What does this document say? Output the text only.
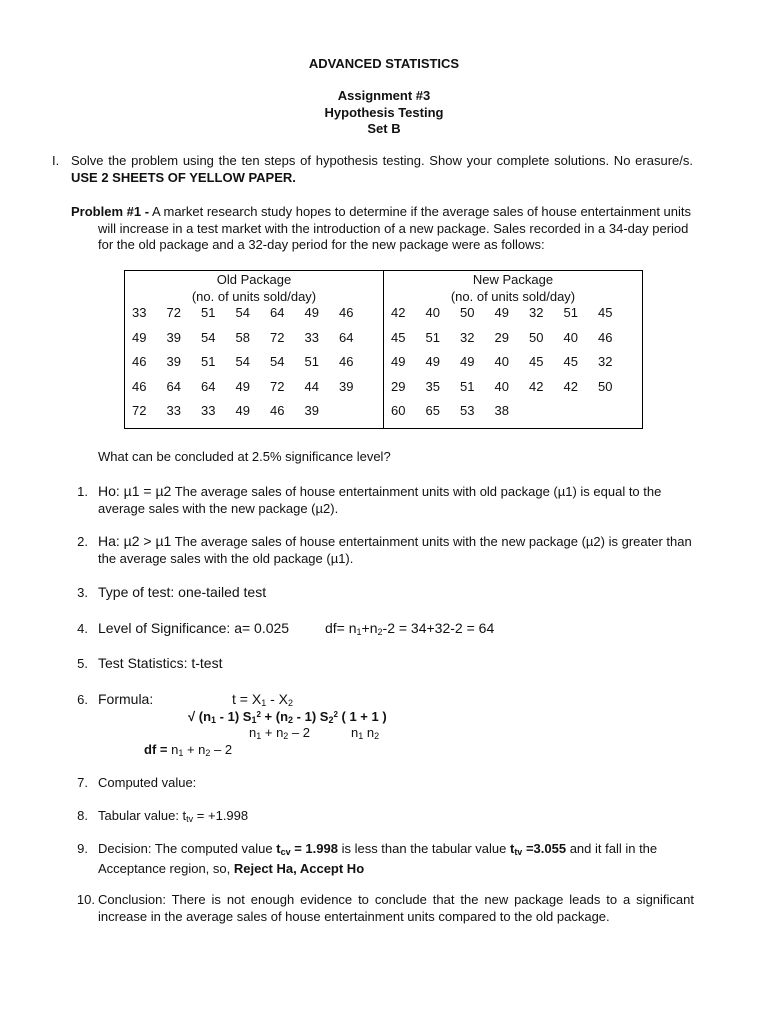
ADVANCED STATISTICS
Assignment #3
Hypothesis Testing
Set B
I. Solve the problem using the ten steps of hypothesis testing. Show your complete solutions. No erasure/s. USE 2 SHEETS OF YELLOW PAPER.
Problem #1 - A market research study hopes to determine if the average sales of house entertainment units will increase in a test market with the introduction of a new package. Sales recorded in a 34-day period for the old package and a 32-day period for the new package were as follows:
Old Package
(no. of units sold/day)
33	72	51	54	64	49	46
49	39	54	58	72	33	64
46	39	51	54	54	51	46
46	64	64	49	72	44	39
72	33	33	49	46	39

New Package
(no. of units sold/day)
42	40	50	49	32	51	45
45	51	32	29	50	40	46
49	49	49	40	45	45	32
29	35	51	40	42	42	50
60	65	53	38
What can be concluded at 2.5% significance level?
1. Ho: µ1 = µ2 The average sales of house entertainment units with old package (µ1) is equal to the average sales with the new package (µ2).
2. Ha: µ2 > µ1 The average sales of house entertainment units with the new package (µ2) is greater than the average sales with the old package (µ1).
3. Type of test: one-tailed test
4. Level of Significance: a= 0.025	$df= n_1+n_2-2 = 34+32-2 = 64$
5. Test Statistics: t-test
6. Formula:	$t = X_1 - X_2$
√ $(n_1 - 1) S_1^2 + (n_2 - 1)$ $S_2^2$ ( 1 + 1 )
$n_1 + n_2 - 2$	$n_1$ $n_2$
df = $n_1 + n_2 - 2$
7. Computed value:
8. Tabular value: $t_{tv} = +1.998$
9. Decision: The computed value $t_{cv} = 1.998$ is less than the tabular value $t_{tv} =3.055$ and it fall in the Acceptance region, so, Reject Ha, Accept Ho
10. Conclusion: There is not enough evidence to conclude that the new package leads to a significant increase in the average sales of house entertainment units compared to the old package.
